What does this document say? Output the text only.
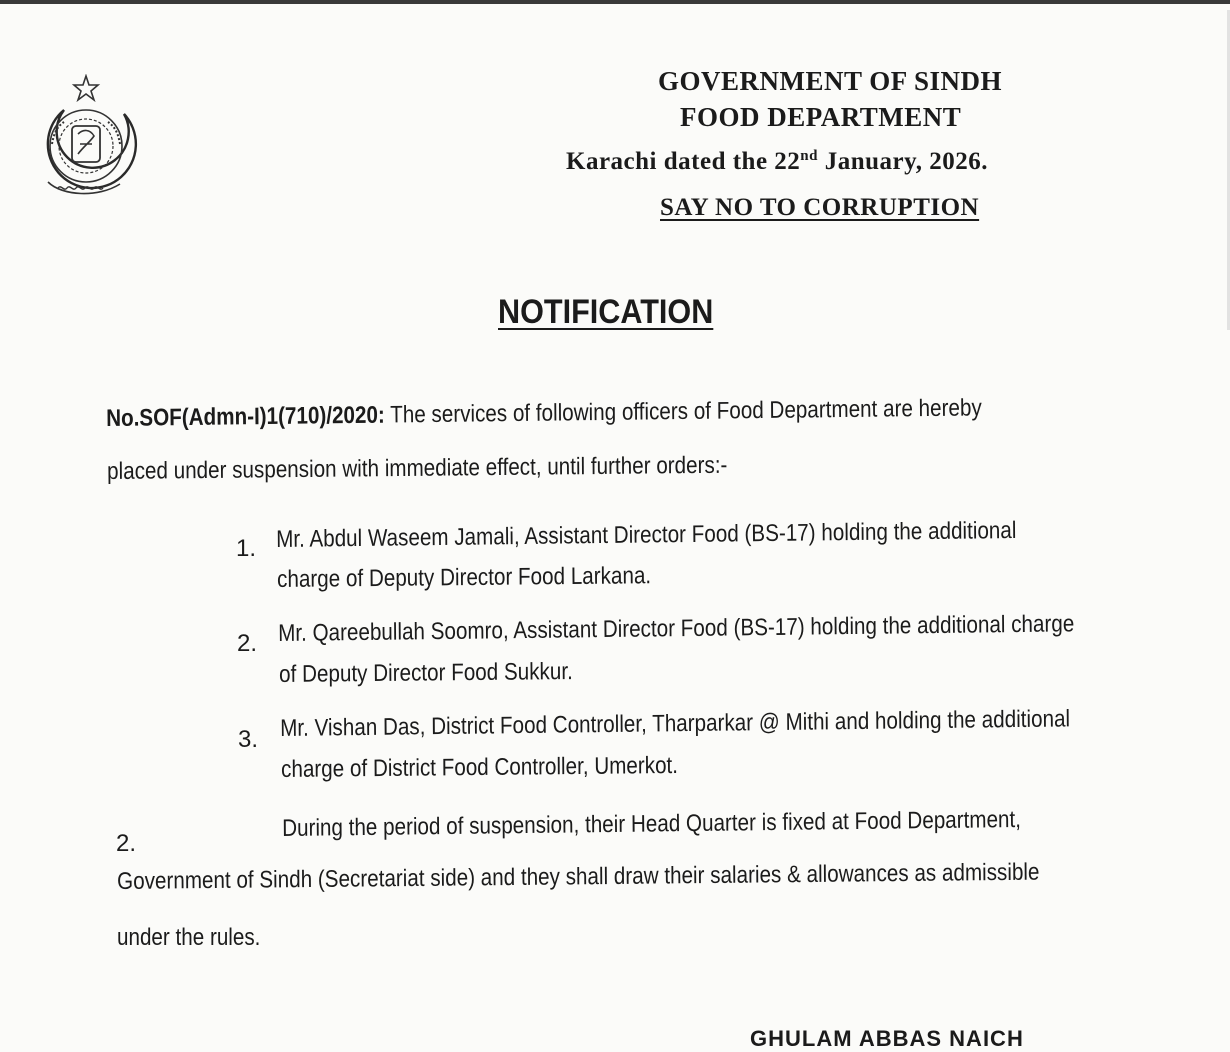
GOVERNMENT OF SINDH
FOOD DEPARTMENT
Karachi dated the 22nd January, 2026.
SAY NO TO CORRUPTION
NOTIFICATION
No.SOF(Admn-I)1(710)/2020: The services of following officers of Food Department are hereby
placed under suspension with immediate effect, until further orders:-
1. Mr. Abdul Waseem Jamali, Assistant Director Food (BS-17) holding the additional
charge of Deputy Director Food Larkana.
2. Mr. Qareebullah Soomro, Assistant Director Food (BS-17) holding the additional charge
of Deputy Director Food Sukkur.
3. Mr. Vishan Das, District Food Controller, Tharparkar @ Mithi and holding the additional
charge of District Food Controller, Umerkot.
2.
During the period of suspension, their Head Quarter is fixed at Food Department,
Government of Sindh (Secretariat side) and they shall draw their salaries & allowances as admissible
under the rules.
GHULAM ABBAS NAICH
